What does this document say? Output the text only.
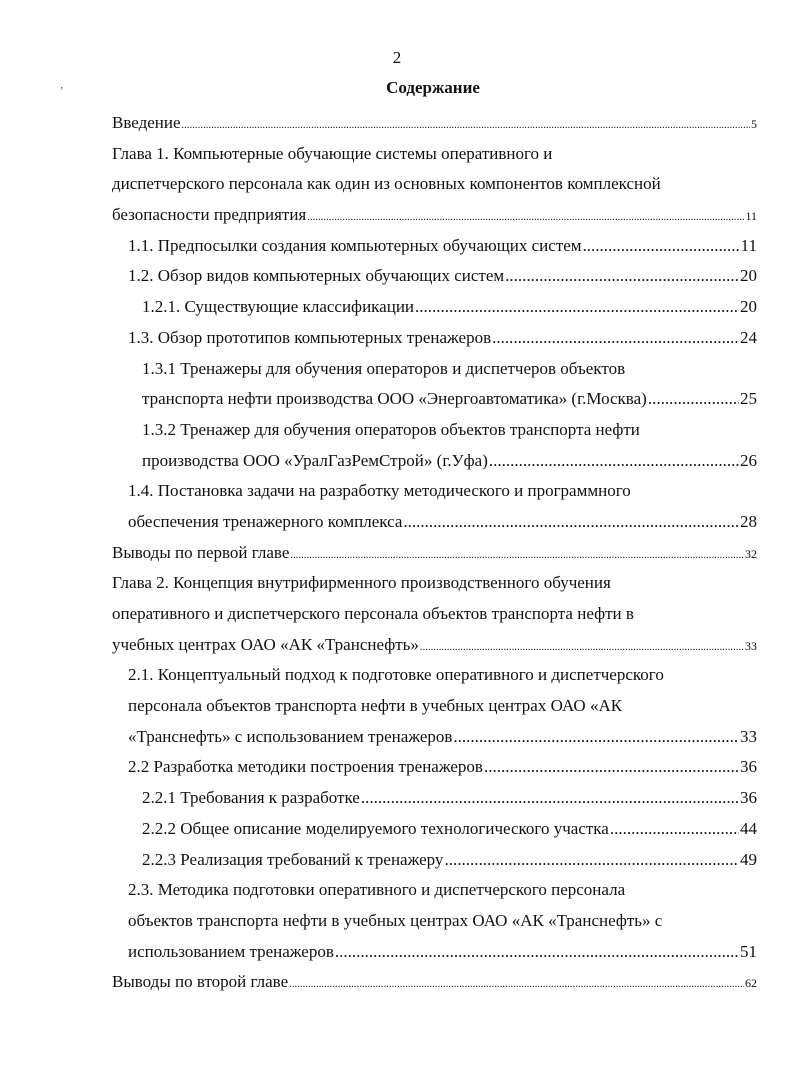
2
Содержание
Введение .....	5
Глава 1. Компьютерные обучающие системы оперативного и
диспетчерского персонала как один из основных компонентов комплексной
безопасности предприятия .....	11
1.1. Предпосылки создания компьютерных обучающих систем .....	11
1.2. Обзор видов компьютерных обучающих систем .....	20
1.2.1. Существующие классификации .....	20
1.3. Обзор прототипов компьютерных тренажеров .....	24
1.3.1 Тренажеры для обучения операторов и диспетчеров объектов
транспорта нефти производства ООО «Энергоавтоматика» (г.Москва) .....	25
1.3.2 Тренажер для обучения операторов объектов транспорта нефти
производства ООО «УралГазРемСтрой» (г.Уфа) .....	26
1.4. Постановка задачи на разработку методического и программного
обеспечения тренажерного комплекса .....	28
Выводы по первой главе .....	32
Глава 2. Концепция внутрифирменного производственного обучения
оперативного и диспетчерского персонала объектов транспорта нефти в
учебных центрах ОАО «АК «Транснефть» .....	33
2.1. Концептуальный подход к подготовке оперативного и диспетчерского
персонала объектов транспорта нефти в учебных центрах ОАО «АК
«Транснефть» с использованием тренажеров .....	33
2.2 Разработка методики построения тренажеров .....	36
2.2.1 Требования к разработке .....	36
2.2.2 Общее описание моделируемого технологического участка .....	44
2.2.3 Реализация требований к тренажеру .....	49
2.3. Методика подготовки оперативного и диспетчерского персонала
объектов транспорта нефти в учебных центрах ОАО «АК «Транснефть» с
использованием тренажеров .....	51
Выводы по второй главе .....	62
‚
